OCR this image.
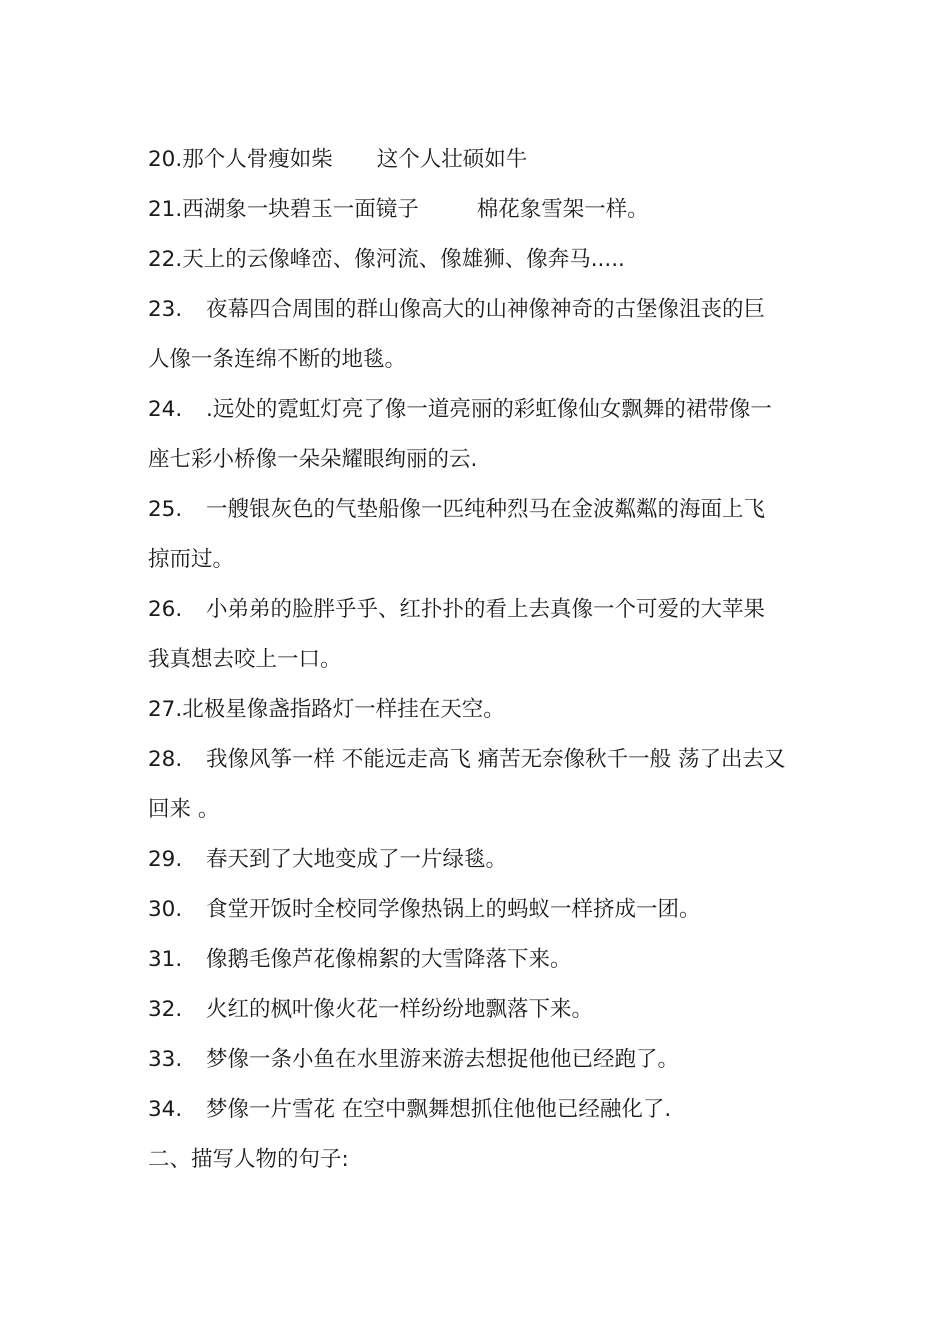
20.那个人骨瘦如柴 这个人壮硕如牛
21.西湖象一块碧玉一面镜子	棉花象雪架一样。
22.天上的云像峰峦、像河流、像雄狮、像奔马.....
23. 夜幕四合周围的群山像高大的山神像神奇的古堡像沮丧的巨
人像一条连绵不断的地毯。
24. .远处的霓虹灯亮了像一道亮丽的彩虹像仙女飘舞的裙带像一
座七彩小桥像一朵朵耀眼绚丽的云.
25. 一艘银灰色的气垫船像一匹纯种烈马在金波粼粼的海面上飞
掠而过。
26. 小弟弟的脸胖乎乎、红扑扑的看上去真像一个可爱的大苹果
我真想去咬上一口。
27.北极星像盏指路灯一样挂在天空。
28. 我像风筝一样 不能远走高飞 痛苦无奈像秋千一般 荡了出去又
回来 。
29. 春天到了大地变成了一片绿毯。
30. 食堂开饭时全校同学像热锅上的蚂蚁一样挤成一团。
31. 像鹅毛像芦花像棉絮的大雪降落下来。
32. 火红的枫叶像火花一样纷纷地飘落下来。
33. 梦像一条小鱼在水里游来游去想捉他他已经跑了。
34. 梦像一片雪花 在空中飘舞想抓住他他已经融化了.
二、描写人物的句子:
